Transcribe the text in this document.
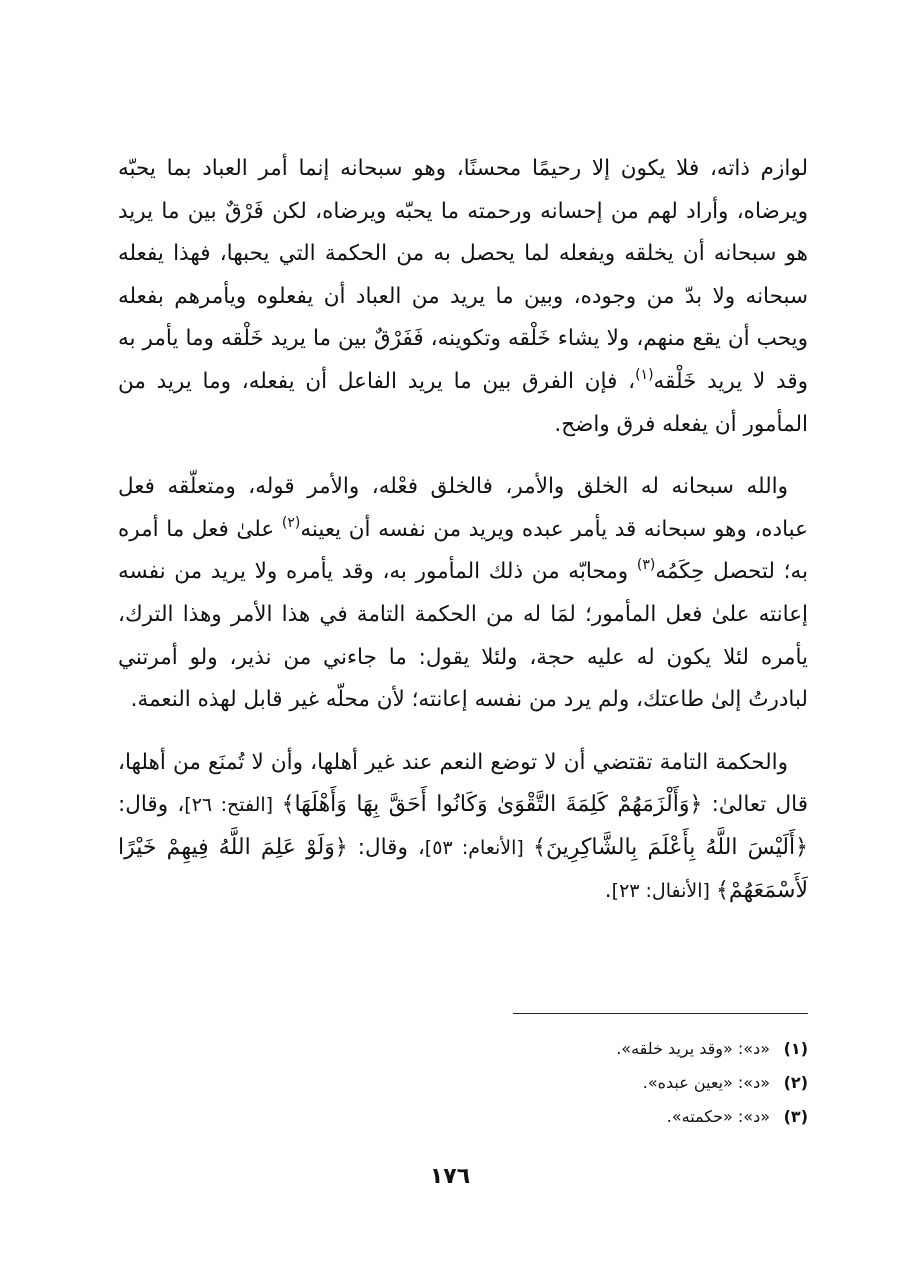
لوازم ذاته، فلا يكون إلا رحيمًا محسنًا، وهو سبحانه إنما أمر العباد بما يحبّه ويرضاه، وأراد لهم من إحسانه ورحمته ما يحبّه ويرضاه، لكن فَرْقٌ بين ما يريد هو سبحانه أن يخلقه ويفعله لما يحصل به من الحكمة التي يحبها، فهذا يفعله سبحانه ولا بدّ من وجوده، وبين ما يريد من العباد أن يفعلوه ويأمرهم بفعله ويحب أن يقع منهم، ولا يشاء خَلْقه وتكوينه، فَفَرْقٌ بين ما يريد خَلْقه وما يأمر به وقد لا يريد خَلْقه$^{(١)}$، فإن الفرق بين ما يريد الفاعل أن يفعله، وما يريد من المأمور أن يفعله فرق واضح.

والله سبحانه له الخلق والأمر، فالخلق فعْله، والأمر قوله، ومتعلّقه فعل عباده، وهو سبحانه قد يأمر عبده ويريد من نفسه أن يعينه$^{(٢)}$ علىٰ فعل ما أمره به؛ لتحصل حِكَمُه$^{(٣)}$ ومحابّه من ذلك المأمور به، وقد يأمره ولا يريد من نفسه إعانته علىٰ فعل المأمور؛ لمَا له من الحكمة التامة في هذا الأمر وهذا الترك، يأمره لئلا يكون له عليه حجة، ولئلا يقول: ما جاءني من نذير، ولو أمرتني لبادرتُ إلىٰ طاعتك، ولم يرد من نفسه إعانته؛ لأن محلّه غير قابل لهذه النعمة.

والحكمة التامة تقتضي أن لا توضع النعم عند غير أهلها، وأن لا تُمنَع من أهلها، قال تعالىٰ: ﴿وَأَلْزَمَهُمْ كَلِمَةَ التَّقْوَىٰ وَكَانُوا أَحَقَّ بِهَا وَأَهْلَهَا﴾ [الفتح: ٢٦]، وقال: ﴿أَلَيْسَ اللَّهُ بِأَعْلَمَ بِالشَّاكِرِينَ﴾ [الأنعام: ٥٣]، وقال: ﴿وَلَوْ عَلِمَ اللَّهُ فِيهِمْ خَيْرًا لَأَسْمَعَهُمْ﴾ [الأنفال: ٢٣].

(١)«د»: «وقد يريد خلقه».
(٢)«د»: «يعين عبده».
(٣)«د»: «حكمته».
١٧٦
